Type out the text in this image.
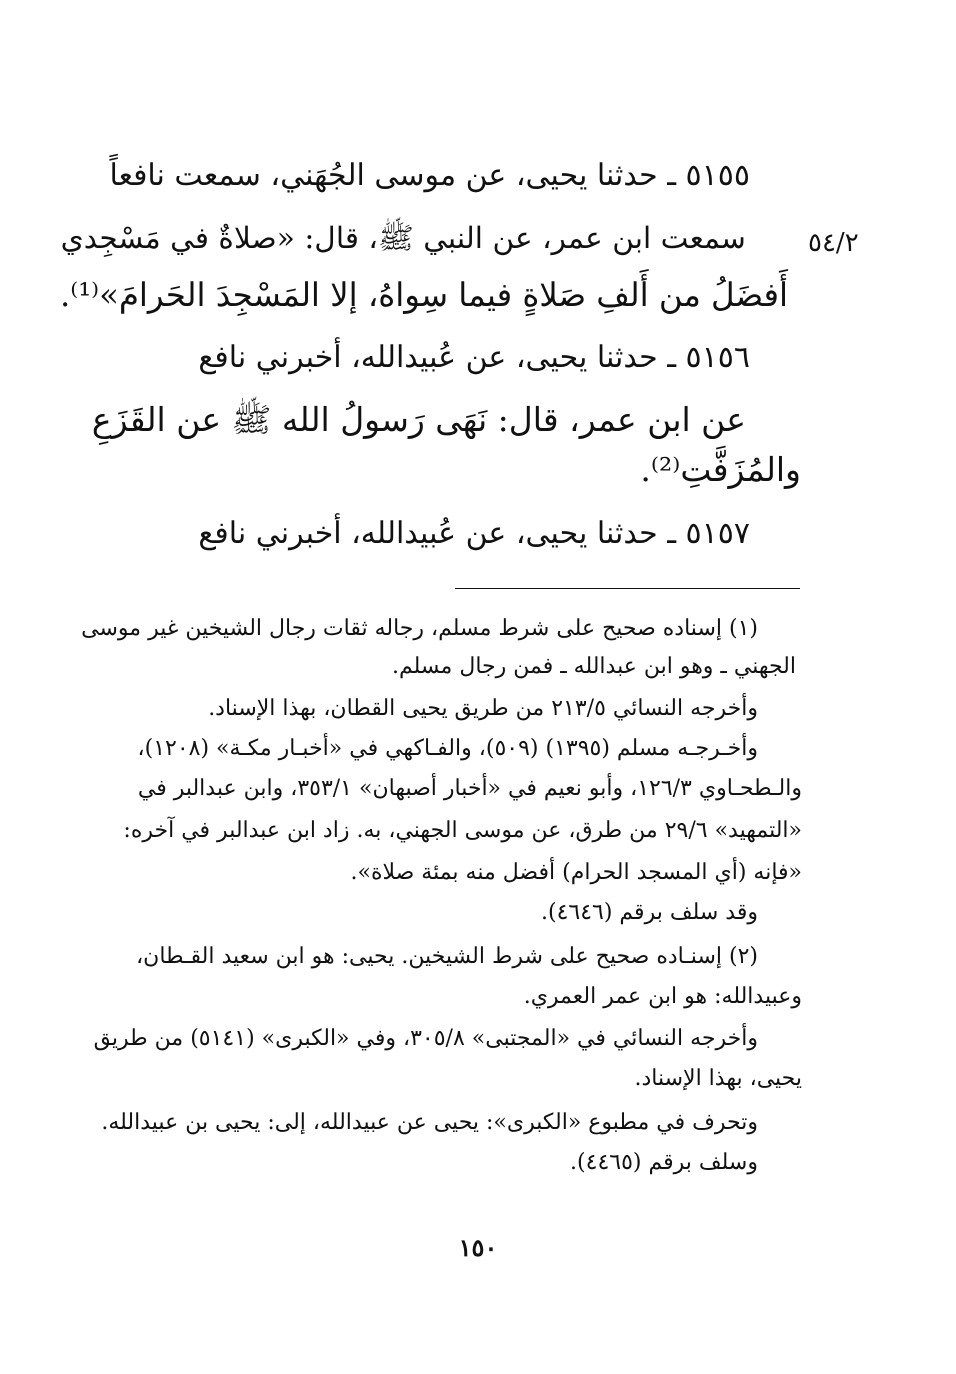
٥٤/٢
٥١٥٥ ـ حدثنا يحيى، عن موسى الجُهَني، سمعت نافعاً
سمعت ابن عمر، عن النبي ﷺ، قال: «صلاةٌ في مَسْجِدي
أَفضَلُ من أَلفِ صَلاةٍ فيما سِواهُ، إلا المَسْجِدَ الحَرامَ»⁽¹⁾.
٥١٥٦ ـ حدثنا يحيى، عن عُبيدالله، أخبرني نافع
عن ابن عمر، قال: نَهَى رَسولُ الله ﷺ عن القَزَعِ
والمُزَفَّتِ⁽²⁾.
٥١٥٧ ـ حدثنا يحيى، عن عُبيدالله، أخبرني نافع
(١) إسناده صحيح على شرط مسلم، رجاله ثقات رجال الشيخين غير موسى
الجهني ـ وهو ابن عبدالله ـ فمن رجال مسلم.
وأخرجه النسائي ٢١٣/٥ من طريق يحيى القطان، بهذا الإسناد.
وأخـرجـه مسلم (١٣٩٥) (٥٠٩)، والفـاكهي في «أخبـار مكـة» (١٢٠٨)،
والـطحـاوي ١٢٦/٣، وأبو نعيم في «أخبار أصبهان» ٣٥٣/١، وابن عبدالبر في
«التمهيد» ٢٩/٦ من طرق، عن موسى الجهني، به. زاد ابن عبدالبر في آخره:
«فإنه (أي المسجد الحرام) أفضل منه بمئة صلاة».
وقد سلف برقم (٤٦٤٦).
(٢) إسنـاده صحيح على شرط الشيخين. يحيى: هو ابن سعيد القـطان،
وعبيدالله: هو ابن عمر العمري.
وأخرجه النسائي في «المجتبى» ٣٠٥/٨، وفي «الكبرى» (٥١٤١) من طريق
يحيى، بهذا الإسناد.
وتحرف في مطبوع «الكبرى»: يحيى عن عبيدالله، إلى: يحيى بن عبيدالله.
وسلف برقم (٤٤٦٥).
١٥٠
